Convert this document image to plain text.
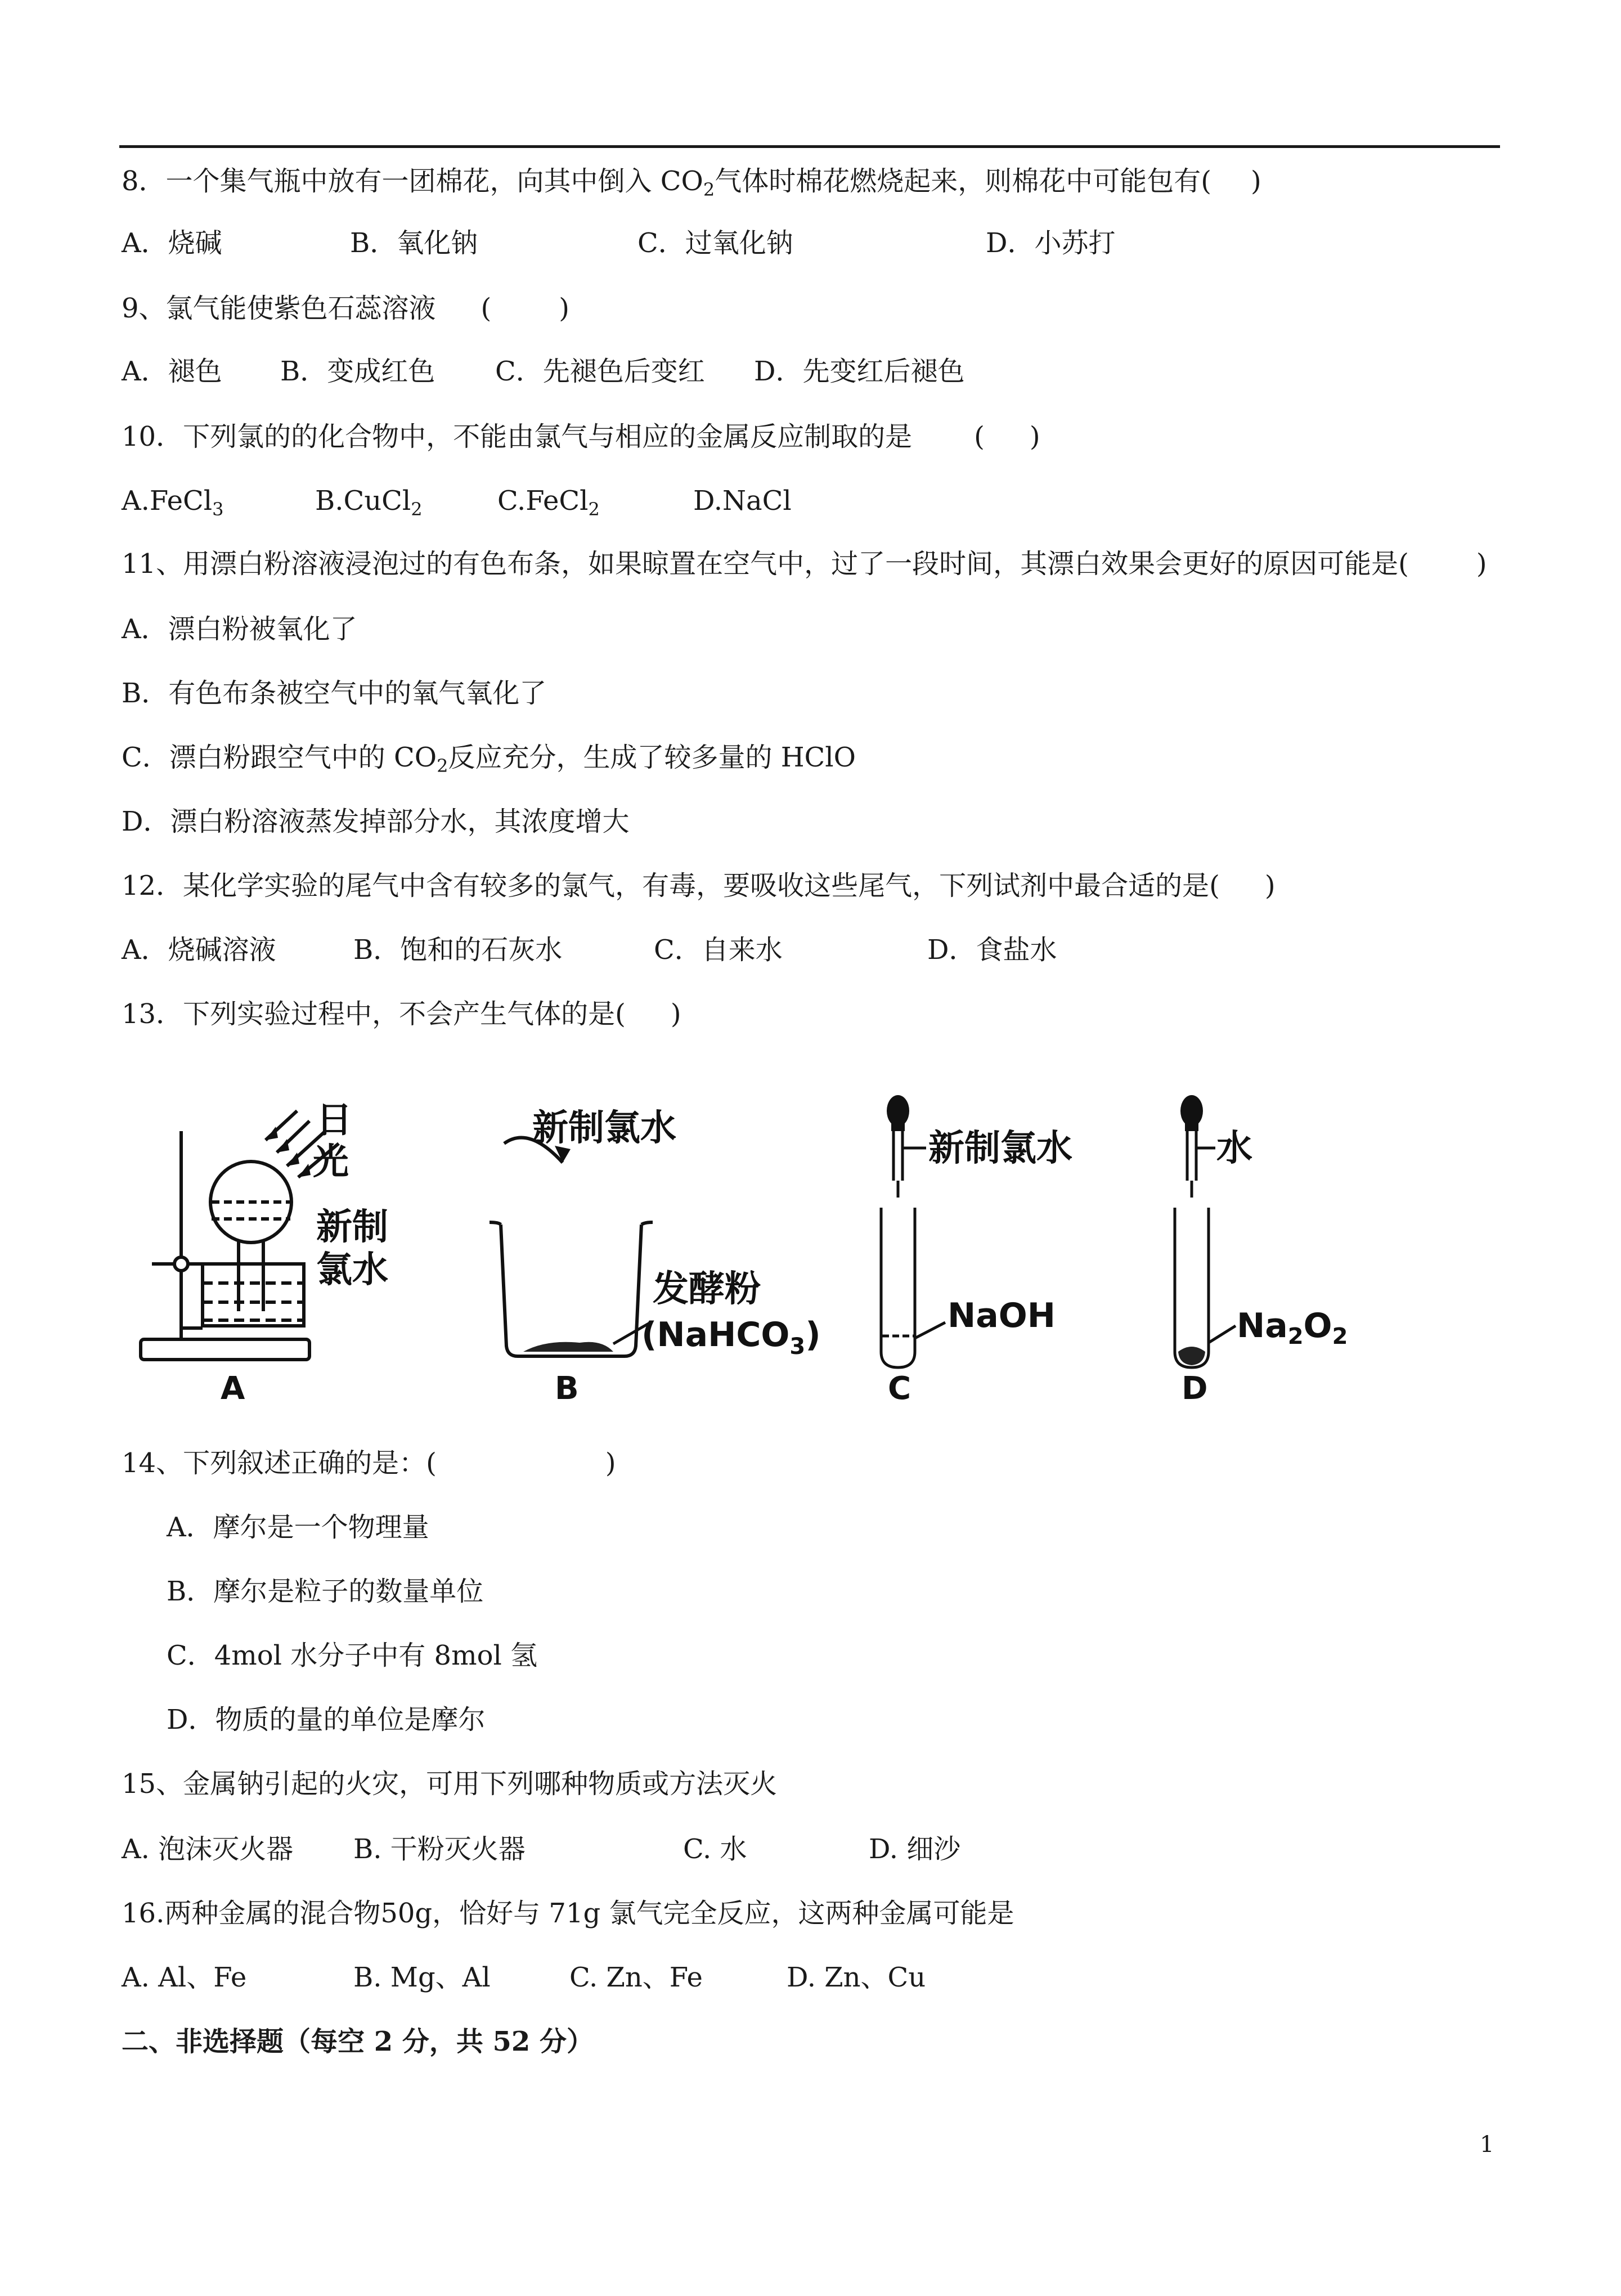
8．一个集气瓶中放有一团棉花，向其中倒入 $CO_2$气体时棉花燃烧起来，则棉花中可能包有( )
A．烧碱	B．氧化钠	C．过氧化钠	D．小苏打
9、氯气能使紫色石蕊溶液 (	)
A．褪色 B．变成红色 C．先褪色后变红 D．先变红后褪色
10．下列氯的的化合物中，不能由氯气与相应的金属反应制取的是 ( )
A.FeCl$_3$	B.CuCl$_2$	C.FeCl$_2$	D.NaCl
11、用漂白粉溶液浸泡过的有色布条，如果晾置在空气中，过了一段时间，其漂白效果会更好的原因可能是(	)
A．漂白粉被氧化了
B．有色布条被空气中的氧气氧化了
C．漂白粉跟空气中的 $CO_2$反应充分，生成了较多量的 HClO
D．漂白粉溶液蒸发掉部分水，其浓度增大
12．某化学实验的尾气中含有较多的氯气，有毒，要吸收这些尾气，下列试剂中最合适的是( )
A．烧碱溶液	B．饱和的石灰水	C．自来水	D．食盐水
13．下列实验过程中，不会产生气体的是( )
日
光
新制
氯水
A
新制氯水
发酵粉
(NaHCO$_3$)
B
新制氯水
NaOH
C
水
$Na_2O_2$
D
14、下列叙述正确的是：(	)
A．摩尔是一个物理量
B．摩尔是粒子的数量单位
C．4mol 水分子中有 8mol 氢
D．物质的量的单位是摩尔
15、金属钠引起的火灾，可用下列哪种物质或方法灭火
A. 泡沫灭火器 B. 干粉灭火器	C. 水	D. 细沙
16.两种金属的混合物50g，恰好与 71g 氯气完全反应，这两种金属可能是
A. Al、Fe	B. Mg、Al	C. Zn、Fe	D. Zn、Cu
二、非选择题（每空 2 分，共 52 分）
1
